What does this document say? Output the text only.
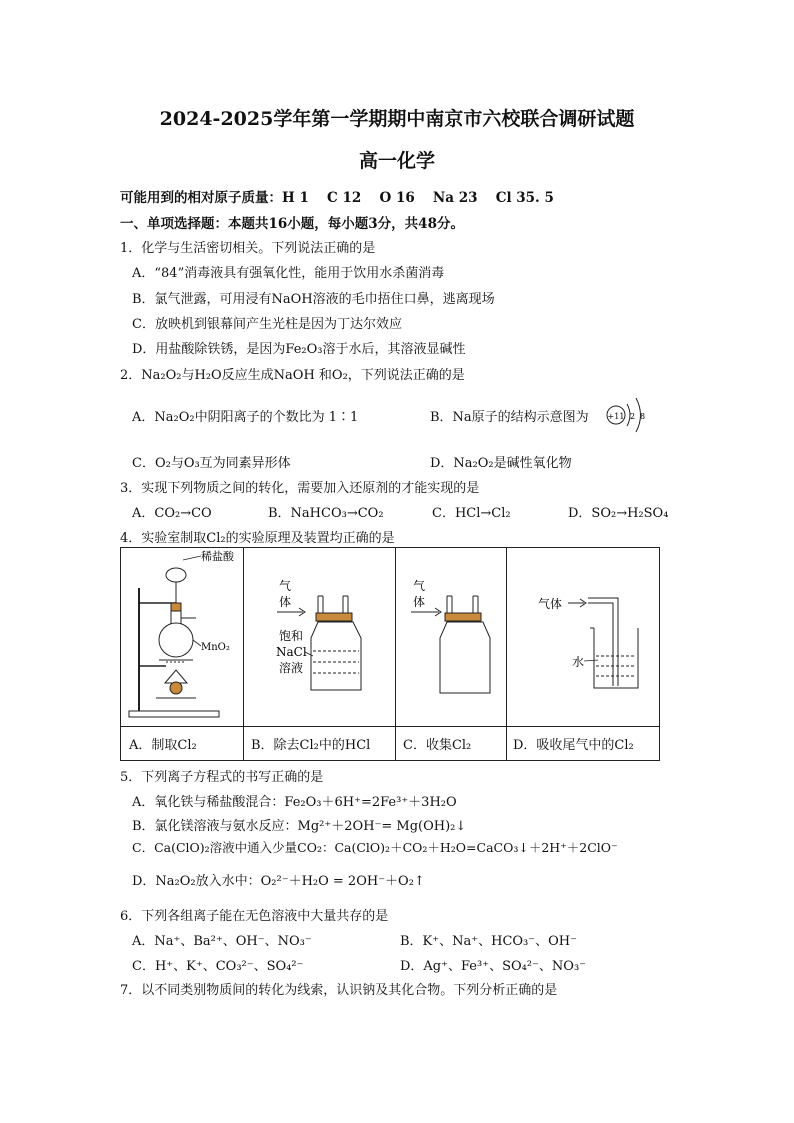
2024-2025学年第一学期期中南京市六校联合调研试题
高一化学
可能用到的相对原子质量：H 1　 C 12　 O 16　 Na 23　 Cl 35. 5
一、单项选择题：本题共16小题，每小题3分，共48分。
1．化学与生活密切相关。下列说法正确的是
A．“84”消毒液具有强氧化性，能用于饮用水杀菌消毒
B．氯气泄露，可用浸有NaOH溶液的毛巾捂住口鼻，逃离现场
C．放映机到银幕间产生光柱是因为丁达尔效应
D．用盐酸除铁锈，是因为Fe₂O₃溶于水后，其溶液显碱性
2．Na₂O₂与H₂O反应生成NaOH 和O₂，下列说法正确的是
A．Na₂O₂中阴阳离子的个数比为 1∶1	B．Na原子的结构示意图为 +11 2 8
C．O₂与O₃互为同素异形体	D．Na₂O₂是碱性氧化物
3．实现下列物质之间的转化，需要加入还原剂的才能实现的是
A．CO₂→CO	B．NaHCO₃→CO₂	C．HCl→Cl₂	D．SO₂→H₂SO₄
4．实验室制取Cl₂的实验原理及装置均正确的是
稀盐酸
MnO₂
气
体
饱和
NaCl
溶液
气
体	气体
水
A．制取Cl₂	B．除去Cl₂中的HCl	C．收集Cl₂	D．吸收尾气中的Cl₂
5．下列离子方程式的书写正确的是
A．氧化铁与稀盐酸混合：Fe₂O₃＋6H⁺=2Fe³⁺＋3H₂O
B．氯化镁溶液与氨水反应：Mg²⁺＋2OH⁻= Mg(OH)₂↓
C．Ca(ClO)₂溶液中通入少量CO₂：Ca(ClO)₂＋CO₂＋H₂O=CaCO₃↓＋2H⁺＋2ClO⁻
D．Na₂O₂放入水中：O₂²⁻＋H₂O = 2OH⁻＋O₂↑
6．下列各组离子能在无色溶液中大量共存的是
A．Na⁺、Ba²⁺、OH⁻、NO₃⁻	B．K⁺、Na⁺、HCO₃⁻、OH⁻
C．H⁺、K⁺、CO₃²⁻、SO₄²⁻	D．Ag⁺、Fe³⁺、SO₄²⁻、NO₃⁻
7．以不同类别物质间的转化为线索，认识钠及其化合物。下列分析正确的是
